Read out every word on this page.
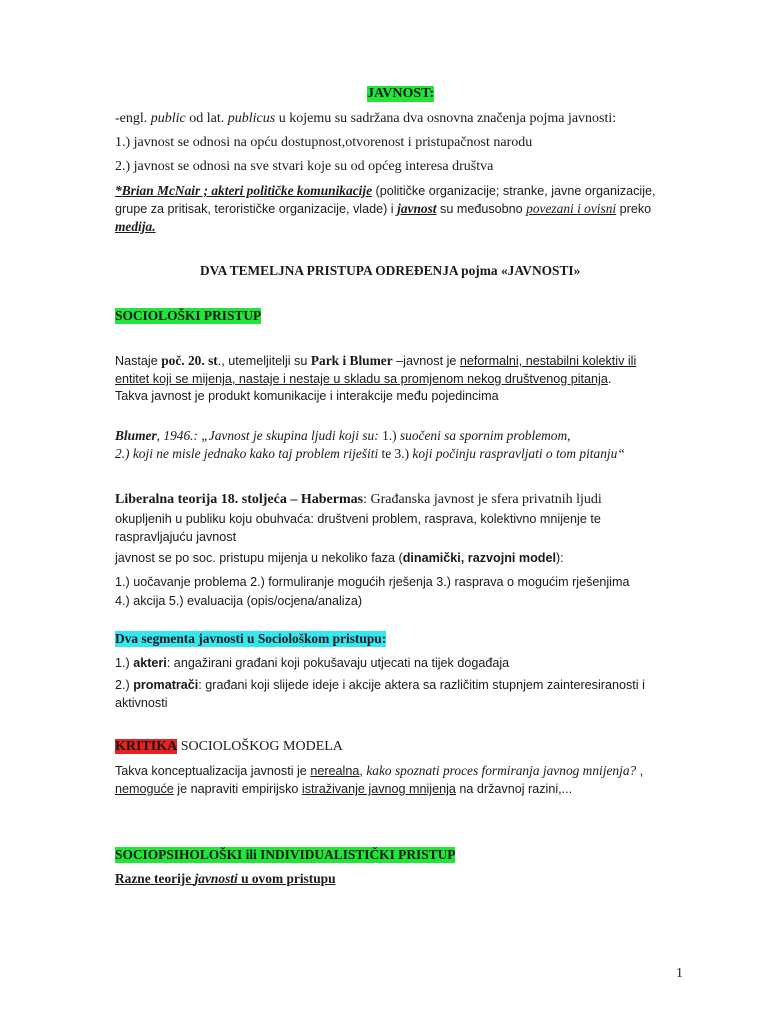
JAVNOST:
-engl. public od lat. publicus u kojemu su sadržana dva osnovna značenja pojma javnosti:
1.) javnost se odnosi na opću dostupnost,otvorenost i pristupačnost narodu
2.) javnost se odnosi na sve stvari koje su od općeg interesa društva
*Brian McNair ; akteri političke komunikacije (političke organizacije; stranke, javne organizacije,
grupe za pritisak, terorističke organizacije, vlade) i javnost su međusobno povezani i ovisni preko
medija.
DVA TEMELJNA PRISTUPA ODREĐENJA pojma «JAVNOSTI»
SOCIOLOŠKI PRISTUP
Nastaje poč. 20. st., utemeljitelji su Park i Blumer –javnost je neformalni, nestabilni kolektiv ili
entitet koji se mijenja, nastaje i nestaje u skladu sa promjenom nekog društvenog pitanja.
Takva javnost je produkt komunikacije i interakcije među pojedincima
Blumer, 1946.: „Javnost je skupina ljudi koji su: 1.) suočeni sa spornim problemom,
2.) koji ne misle jednako kako taj problem riješiti te 3.) koji počinju raspravljati o tom pitanju“
Liberalna teorija 18. stoljeća – Habermas: Građanska javnost je sfera privatnih ljudi
okupljenih u publiku koju obuhvaća: društveni problem, rasprava, kolektivno mnijenje te
raspravljajuću javnost
javnost se po soc. pristupu mijenja u nekoliko faza (dinamički, razvojni model):
1.) uočavanje problema 2.) formuliranje mogućih rješenja 3.) rasprava o mogućim rješenjima
4.) akcija 5.) evaluacija (opis/ocjena/analiza)
Dva segmenta javnosti u Sociološkom pristupu:
1.) akteri: angažirani građani koji pokušavaju utjecati na tijek događaja
2.) promatrači: građani koji slijede ideje i akcije aktera sa različitim stupnjem zainteresiranosti i
aktivnosti
KRITIKA SOCIOLOŠKOG MODELA
Takva konceptualizacija javnosti je nerealna, kako spoznati proces formiranja javnog mnijenja? ,
nemoguće je napraviti empirijsko istraživanje javnog mnijenja na državnoj razini,...
SOCIOPSIHOLOŠKI ili INDIVIDUALISTIČKI PRISTUP
Razne teorije javnosti u ovom pristupu
1
